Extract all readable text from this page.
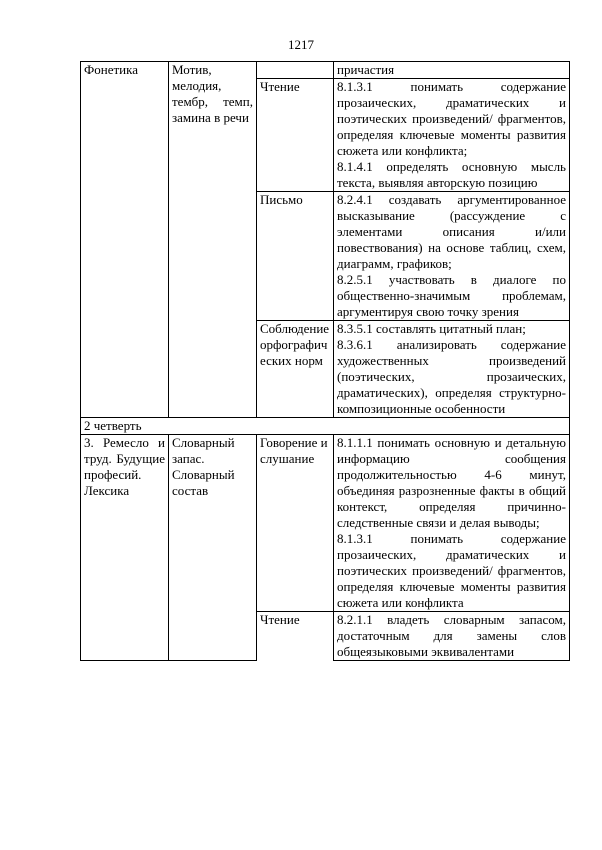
1217
Фонетика	Мотив, мелодия, тембр, темп, замина в речи		причастия
		Чтение	8.1.3.1 понимать содержание прозаических, драматических и поэтических произведений/ фрагментов, определяя ключевые моменты развития сюжета или конфликта;

8.1.4.1 определять основную мысль текста, выявляя авторскую позицию

		Письмо	8.2.4.1 создавать аргументированное высказывание (рассуждение с элементами описания и/или повествования) на основе таблиц, схем, диаграмм, графиков;

8.2.5.1 участвовать в диалоге по общественно-значимым проблемам, аргументируя свою точку зрения

		Соблюдение орфографических норм	8.3.5.1 составлять цитатный план;

8.3.6.1 анализировать содержание художественных произведений (поэтических, прозаических, драматических), определяя структурно-композиционные особенности

2 четверть			

3. Ремесло и труд. Будущие професий. Лексика	Словарный запас. Словарный состав	Говорение и слушание	8.1.1.1 понимать основную и детальную информацию сообщения продолжительностью 4-6 минут, объединяя разрозненные факты в общий контекст, определяя причинно-следственные связи и делая выводы;

8.1.3.1 понимать содержание прозаических, драматических и поэтических произведений/ фрагментов, определяя ключевые моменты развития сюжета или конфликта

		Чтение	8.2.1.1 владеть словарным запасом, достаточным для замены слов общеязыковыми эквивалентами
